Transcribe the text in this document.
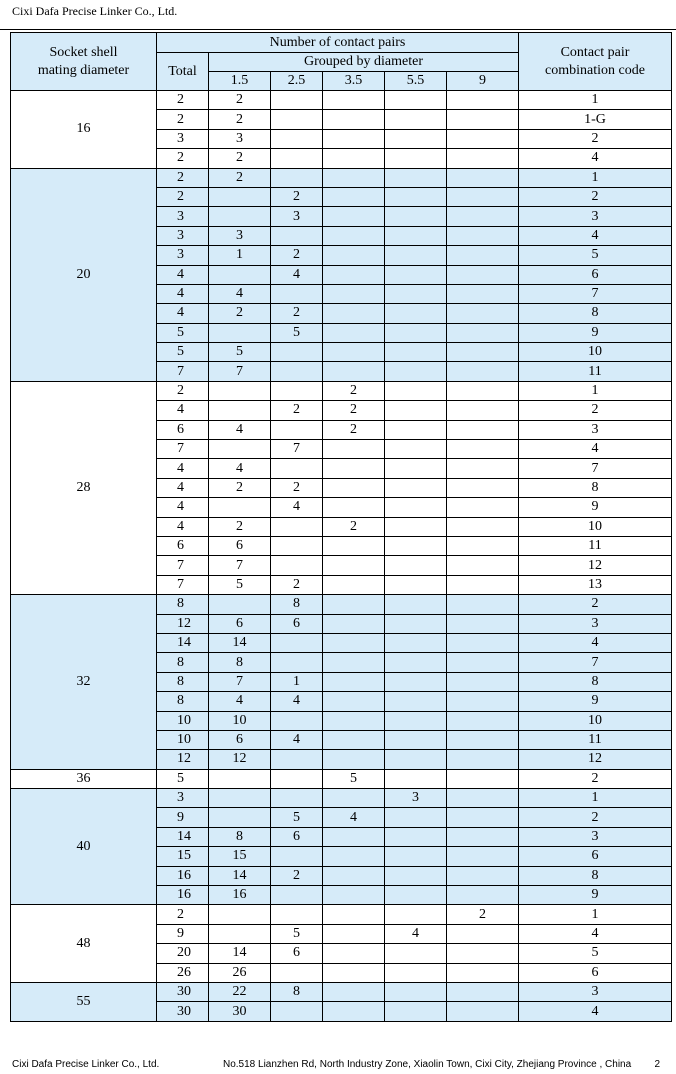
Cixi Dafa Precise Linker Co., Ltd.
Socket shell mating diameter	Number of contact pairs						Contact pair combination code
	Total	Grouped by diameter					
		1.5	2.5	3.5	5.5	9	
16	2	2					1
	2	2					1-G
	3	3					2
	2	2					4
20	2	2					1
	2		2				2
	3		3				3
	3	3					4
	3	1	2				5
	4		4				6
	4	4					7
	4	2	2				8
	5		5				9
	5	5					10
	7	7					11
28	2			2			1
	4		2	2			2
	6	4		2			3
	7		7				4
	4	4					7
	4	2	2				8
	4		4				9
	4	2		2			10
	6	6					11
	7	7					12
	7	5	2				13
32	8		8				2
	12	6	6				3
	14	14					4
	8	8					7
	8	7	1				8
	8	4	4				9
	10	10					10
	10	6	4				11
	12	12					12
36	5			5			2
40	3				3		1
	9		5	4			2
	14	8	6				3
	15	15					6
	16	14	2				8
	16	16					9
48	2					2	1
	9		5		4		4
	20	14	6				5
	26	26					6
55	30	22	8				3
	30	30					4
Cixi Dafa Precise Linker Co., Ltd.	No.518 Lianzhen Rd, North Industry Zone, Xiaolin Town, Cixi City, Zhejiang Province , China 2
